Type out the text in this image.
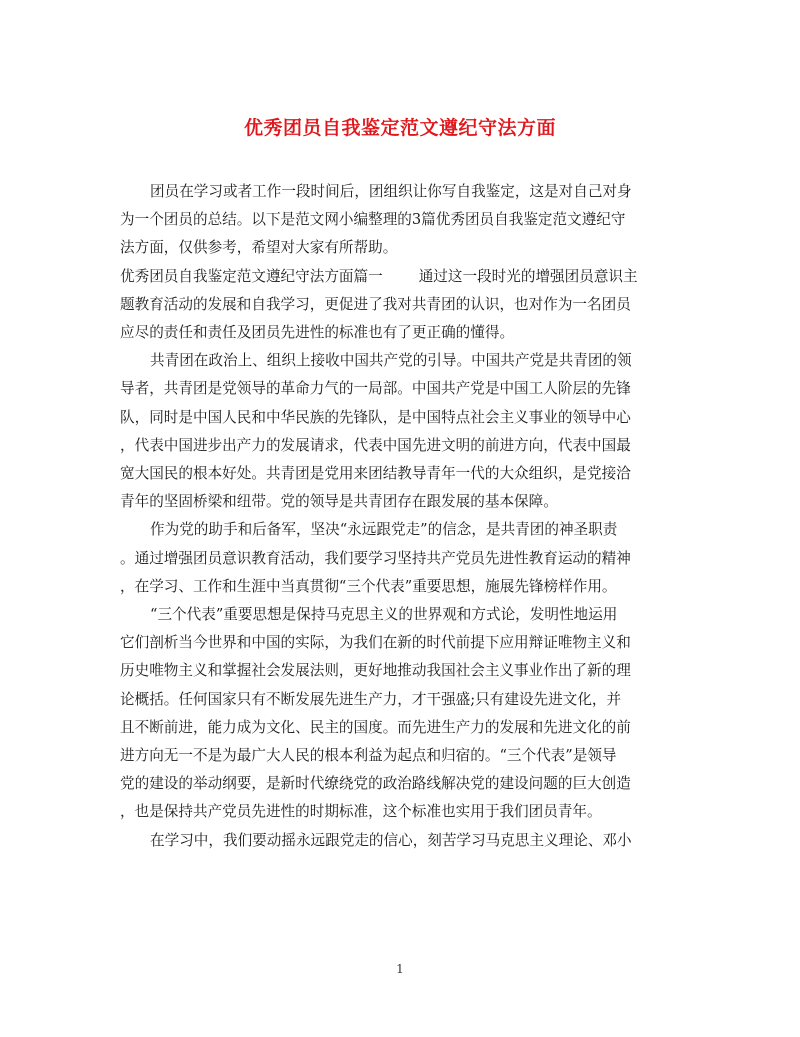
优秀团员自我鉴定范文遵纪守法方面
团员在学习或者工作一段时间后，团组织让你写自我鉴定，这是对自己对身
为一个团员的总结。以下是范文网小编整理的3篇优秀团员自我鉴定范文遵纪守
法方面，仅供参考，希望对大家有所帮助。
优秀团员自我鉴定范文遵纪守法方面篇一 通过这一段时光的增强团员意识主
题教育活动的发展和自我学习，更促进了我对共青团的认识，也对作为一名团员
应尽的责任和责任及团员先进性的标准也有了更正确的懂得。
共青团在政治上、组织上接收中国共产党的引导。中国共产党是共青团的领
导者，共青团是党领导的革命力气的一局部。中国共产党是中国工人阶层的先锋
队，同时是中国人民和中华民族的先锋队，是中国特点社会主义事业的领导中心
，代表中国进步出产力的发展请求，代表中国先进文明的前进方向，代表中国最
宽大国民的根本好处。共青团是党用来团结教导青年一代的大众组织，是党接洽
青年的坚固桥梁和纽带。党的领导是共青团存在跟发展的基本保障。
作为党的助手和后备军，坚决“永远跟党走”的信念，是共青团的神圣职责
。通过增强团员意识教育活动，我们要学习坚持共产党员先进性教育运动的精神
，在学习、工作和生涯中当真贯彻“三个代表”重要思想，施展先锋榜样作用。
“三个代表”重要思想是保持马克思主义的世界观和方式论，发明性地运用
它们剖析当今世界和中国的实际，为我们在新的时代前提下应用辩证唯物主义和
历史唯物主义和掌握社会发展法则，更好地推动我国社会主义事业作出了新的理
论概括。任何国家只有不断发展先进生产力，才干强盛;只有建设先进文化，并
且不断前进，能力成为文化、民主的国度。而先进生产力的发展和先进文化的前
进方向无一不是为最广大人民的根本利益为起点和归宿的。“三个代表”是领导
党的建设的举动纲要，是新时代缭绕党的政治路线解决党的建设问题的巨大创造
，也是保持共产党员先进性的时期标准，这个标准也实用于我们团员青年。
在学习中，我们要动摇永远跟党走的信心，刻苦学习马克思主义理论、邓小
1
